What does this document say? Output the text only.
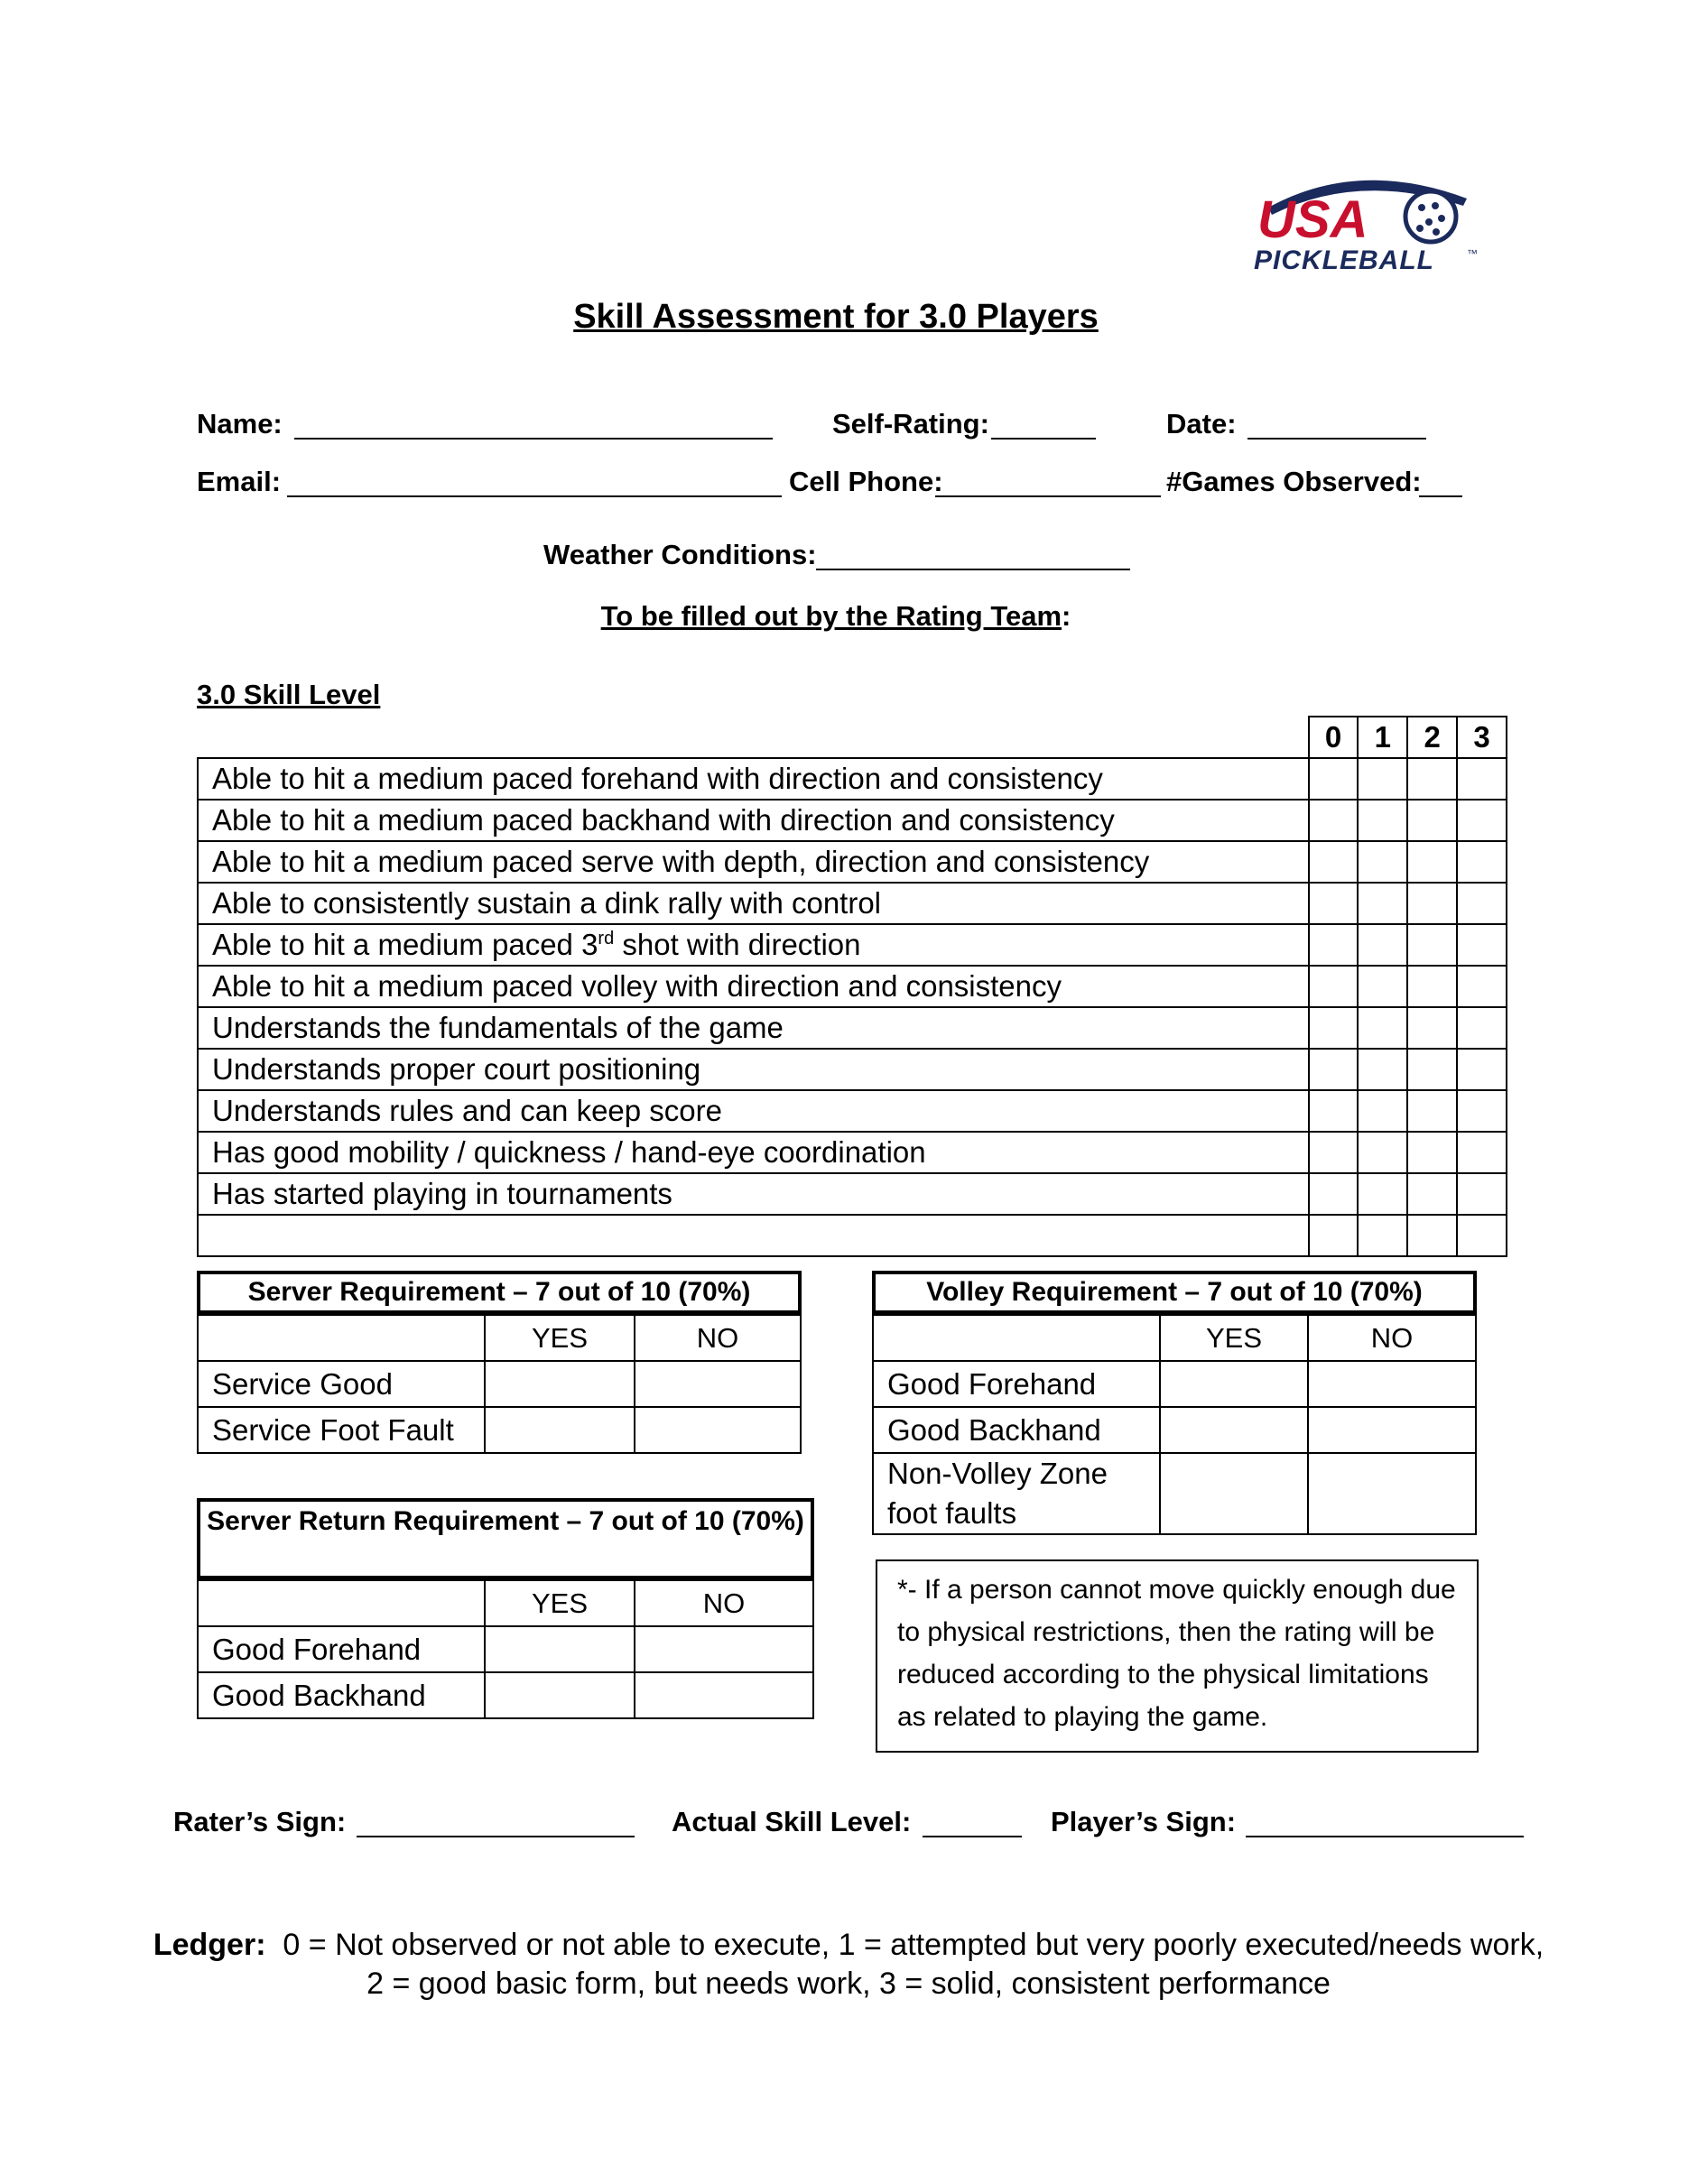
USA
PICKLEBALL	™
Skill Assessment for 3.0 Players
Name:	Self-Rating:	Date:
Email:	Cell Phone:	#Games Observed:
Weather Conditions:
To be filled out by the Rating Team:
3.0 Skill Level
	0	1	2	3
Able to hit a medium paced forehand with direction and consistency				
Able to hit a medium paced backhand with direction and consistency				
Able to hit a medium paced serve with depth, direction and consistency				
Able to consistently sustain a dink rally with control				
Able to hit a medium paced 3rd shot with direction				
Able to hit a medium paced volley with direction and consistency				
Understands the fundamentals of the game				
Understands proper court positioning				
Understands rules and can keep score				
Has good mobility / quickness / hand-eye coordination				
Has started playing in tournaments				

Server Requirement – 7 out of 10 (70%)
	YES	NO
Service Good		
Service Foot Fault		
Volley Requirement – 7 out of 10 (70%)
	YES	NO
Good Forehand		
Good Backhand		
Non-Volley Zone foot faults		
Server Return Requirement – 7 out of 10 (70%)
	YES	NO
Good Forehand		
Good Backhand		
*- If a person cannot move quickly enough due to physical restrictions, then the rating will be reduced according to the physical limitations as related to playing the game.
Rater’s Sign:	Actual Skill Level:	Player’s Sign:
Ledger: 0 = Not observed or not able to execute, 1 = attempted but very poorly executed/needs work,
2 = good basic form, but needs work, 3 = solid, consistent performance
